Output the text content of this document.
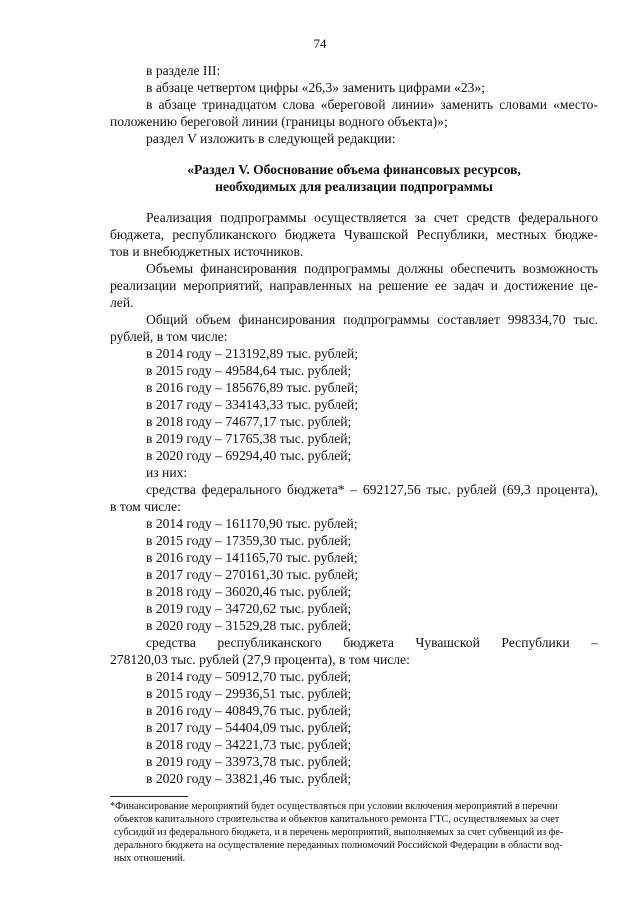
74
в разделе III:
в абзаце четвертом цифры «26,3» заменить цифрами «23»;
в абзаце тринадцатом слова «береговой линии» заменить словами «место-
положению береговой линии (границы водного объекта)»;
раздел V изложить в следующей редакции:
«Раздел V. Обоснование объема финансовых ресурсов,
необходимых для реализации подпрограммы
Реализация подпрограммы осуществляется за счет средств федерального
бюджета, республиканского бюджета Чувашской Республики, местных бюдже-
тов и внебюджетных источников.
Объемы финансирования подпрограммы должны обеспечить возможность
реализации мероприятий, направленных на решение ее задач и достижение це-
лей.
Общий объем финансирования подпрограммы составляет 998334,70 тыс.
рублей, в том числе:
в 2014 году – 213192,89 тыс. рублей;
в 2015 году – 49584,64 тыс. рублей;
в 2016 году – 185676,89 тыс. рублей;
в 2017 году – 334143,33 тыс. рублей;
в 2018 году – 74677,17 тыс. рублей;
в 2019 году – 71765,38 тыс. рублей;
в 2020 году – 69294,40 тыс. рублей;
из них:
средства федерального бюджета* – 692127,56 тыс. рублей (69,3 процента),
в том числе:
в 2014 году – 161170,90 тыс. рублей;
в 2015 году – 17359,30 тыс. рублей;
в 2016 году – 141165,70 тыс. рублей;
в 2017 году – 270161,30 тыс. рублей;
в 2018 году – 36020,46 тыс. рублей;
в 2019 году – 34720,62 тыс. рублей;
в 2020 году – 31529,28 тыс. рублей;
средства республиканского бюджета Чувашской Республики –
278120,03 тыс. рублей (27,9 процента), в том числе:
в 2014 году – 50912,70 тыс. рублей;
в 2015 году – 29936,51 тыс. рублей;
в 2016 году – 40849,76 тыс. рублей;
в 2017 году – 54404,09 тыс. рублей;
в 2018 году – 34221,73 тыс. рублей;
в 2019 году – 33973,78 тыс. рублей;
в 2020 году – 33821,46 тыс. рублей;
*Финансирование мероприятий будет осуществляться при условии включения мероприятий в перечни
объектов капитального строительства и объектов капитального ремонта ГТС, осуществляемых за счет
субсидий из федерального бюджета, и в перечень мероприятий, выполняемых за счет субвенций из фе-
дерального бюджета на осуществление переданных полномочий Российской Федерации в области вод-
ных отношений.
